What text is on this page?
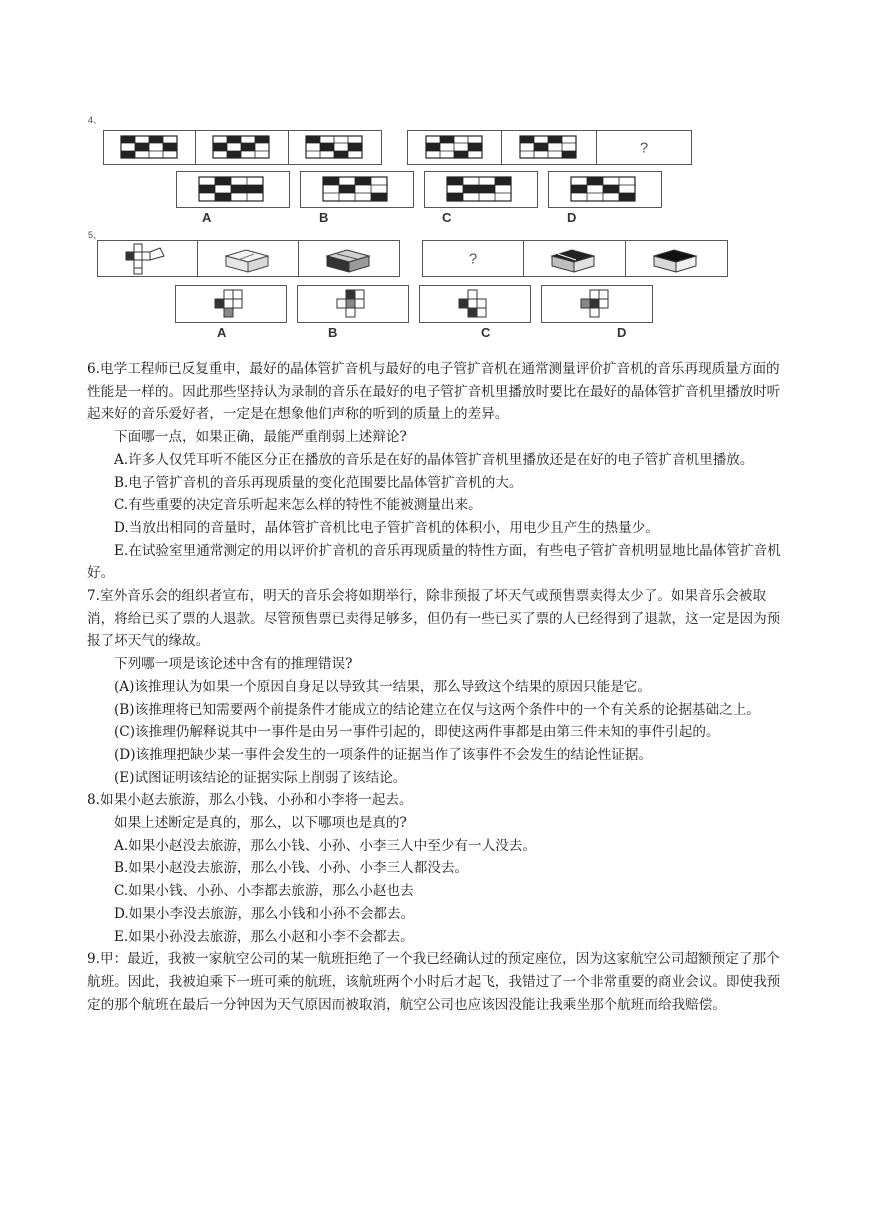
4、
?
A	B	C	D
5、
?
A	B	C	D

6.电学工程师已反复重申，最好的晶体管扩音机与最好的电子管扩音机在通常测量评价扩音机的音乐再现质量方面的性能是一样的。因此那些坚持认为录制的音乐在最好的电子管扩音机里播放时要比在最好的晶体管扩音机里播放时听起来好的音乐爱好者，一定是在想象他们声称的听到的质量上的差异。

下面哪一点，如果正确，最能严重削弱上述辩论?

A.许多人仅凭耳听不能区分正在播放的音乐是在好的晶体管扩音机里播放还是在好的电子管扩音机里播放。

B.电子管扩音机的音乐再现质量的变化范围要比晶体管扩音机的大。

C.有些重要的决定音乐听起来怎么样的特性不能被测量出来。

D.当放出相同的音量时，晶体管扩音机比电子管扩音机的体积小，用电少且产生的热量少。

E.在试验室里通常测定的用以评价扩音机的音乐再现质量的特性方面，有些电子管扩音机明显地比晶体管扩音机好。

7.室外音乐会的组织者宣布，明天的音乐会将如期举行，除非预报了坏天气或预售票卖得太少了。如果音乐会被取消，将给已买了票的人退款。尽管预售票已卖得足够多，但仍有一些已买了票的人已经得到了退款，这一定是因为预报了坏天气的缘故。

下列哪一项是该论述中含有的推理错误?

(A)该推理认为如果一个原因自身足以导致其一结果，那么导致这个结果的原因只能是它。

(B)该推理将已知需要两个前提条件才能成立的结论建立在仅与这两个条件中的一个有关系的论据基础之上。

(C)该推理仍解释说其中一事件是由另一事件引起的，即使这两件事都是由第三件未知的事件引起的。

(D)该推理把缺少某一事件会发生的一项条件的证据当作了该事件不会发生的结论性证据。

(E)试图证明该结论的证据实际上削弱了该结论。

8.如果小赵去旅游，那么小钱、小孙和小李将一起去。

如果上述断定是真的，那么，以下哪项也是真的?

A.如果小赵没去旅游，那么小钱、小孙、小李三人中至少有一人没去。

B.如果小赵没去旅游，那么小钱、小孙、小李三人都没去。

C.如果小钱、小孙、小李都去旅游，那么小赵也去

D.如果小李没去旅游，那么小钱和小孙不会都去。

E.如果小孙没去旅游，那么小赵和小李不会都去。

9.甲：最近，我被一家航空公司的某一航班拒绝了一个我已经确认过的预定座位，因为这家航空公司超额预定了那个航班。因此，我被迫乘下一班可乘的航班，该航班两个小时后才起飞，我错过了一个非常重要的商业会议。即使我预定的那个航班在最后一分钟因为天气原因而被取消，航空公司也应该因没能让我乘坐那个航班而给我赔偿。
